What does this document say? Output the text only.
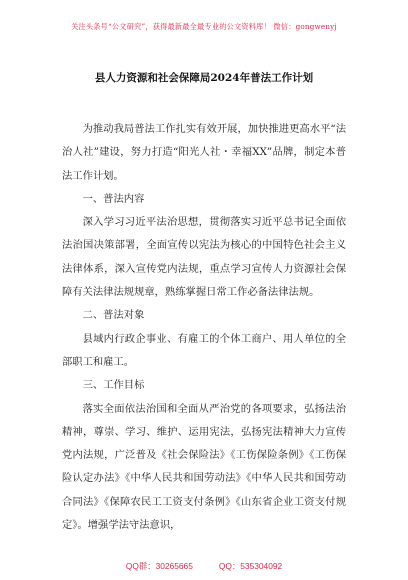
关注头条号“公文研究”，获得最新最全最专业的公文资料库！ 微信：gongwenyj
县人力资源和社会保障局2024年普法工作计划

为推动我局普法工作扎实有效开展，加快推进更高水平“法治人社”建设，努力打造“阳光人社・幸福XX”品牌，制定本普法工作计划。

一、普法内容

深入学习习近平法治思想，贯彻落实习近平总书记全面依法治国决策部署，全面宣传以宪法为核心的中国特色社会主义法律体系，深入宣传党内法规，重点学习宣传人力资源社会保障有关法律法规规章，熟练掌握日常工作必备法律法规。

二、普法对象

县域内行政企事业、有雇工的个体工商户、用人单位的全部职工和雇工。

三、工作目标

落实全面依法治国和全面从严治党的各项要求，弘扬法治精神，尊崇、学习、维护、运用宪法，弘扬宪法精神大力宣传党内法规，广泛普及《社会保险法》《工伤保险条例》《工伤保险认定办法》《中华人民共和国劳动法》《中华人民共和国劳动合同法》《保障农民工工资支付条例》《山东省企业工资支付规定》。增强学法守法意识，

QQ群：30265665	QQ：535304092
